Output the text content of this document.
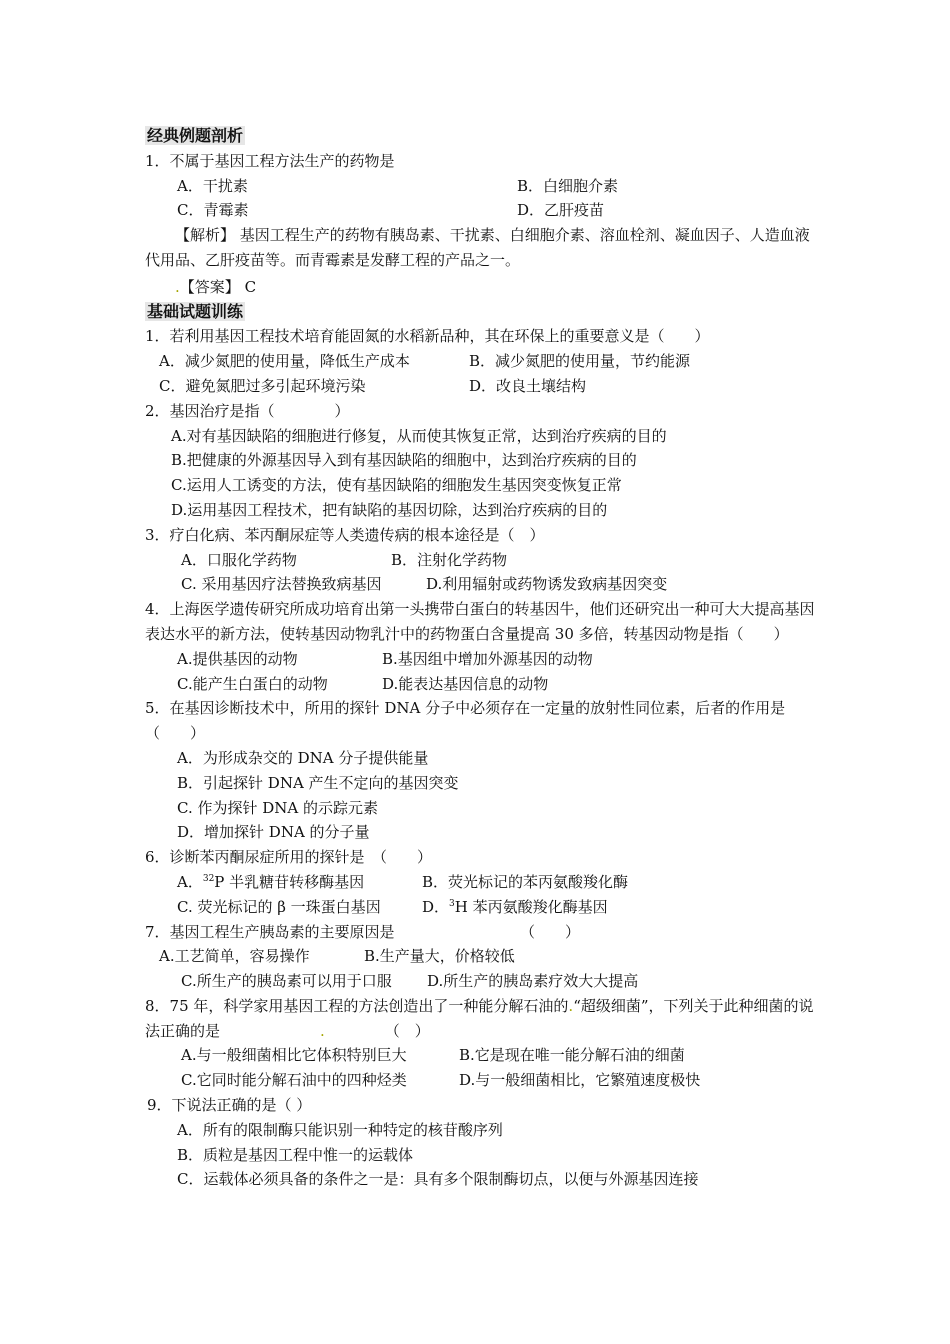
经典例题剖析
1．不属于基因工程方法生产的药物是
A．干扰素	B．白细胞介素
C．青霉素	D．乙肝疫苗
【解析】 基因工程生产的药物有胰岛素、干扰素、白细胞介素、溶血栓剂、凝血因子、人造血液代用品、乙肝疫苗等。而青霉素是发酵工程的产品之一。
.【答案】 C
基础试题训练
1．若利用基因工程技术培育能固氮的水稻新品种，其在环保上的重要意义是（　　）
A．减少氮肥的使用量，降低生产成本	B．减少氮肥的使用量，节约能源
C．避免氮肥过多引起环境污染	D．改良土壤结构
2．基因治疗是指（　　　　）
A.对有基因缺陷的细胞进行修复，从而使其恢复正常，达到治疗疾病的目的
B.把健康的外源基因导入到有基因缺陷的细胞中，达到治疗疾病的目的
C.运用人工诱变的方法，使有基因缺陷的细胞发生基因突变恢复正常
D.运用基因工程技术，把有缺陷的基因切除，达到治疗疾病的目的
3．疗白化病、苯丙酮尿症等人类遗传病的根本途径是（　）
A．口服化学药物	B．注射化学药物
C. 采用基因疗法替换致病基因	D.利用辐射或药物诱发致病基因突变
4．上海医学遗传研究所成功培育出第一头携带白蛋白的转基因牛，他们还研究出一种可大大提高基因表达水平的新方法，使转基因动物乳汁中的药物蛋白含量提高 30 多倍，转基因动物是指（　　）
A.提供基因的动物	B.基因组中增加外源基因的动物
C.能产生白蛋白的动物	D.能表达基因信息的动物
5．在基因诊断技术中，所用的探针 DNA 分子中必须存在一定量的放射性同位素，后者的作用是　（　　）
A．为形成杂交的 DNA 分子提供能量
B．引起探针 DNA 产生不定向的基因突变
C. 作为探针 DNA 的示踪元素
D．增加探针 DNA 的分子量
6．诊断苯丙酮尿症所用的探针是　（　　）
A．$^{32}$P 半乳糖苷转移酶基因	B．荧光标记的苯丙氨酸羧化酶
C. 荧光标记的 β 一珠蛋白基因	D．$^3$H 苯丙氨酸羧化酶基因
7．基因工程生产胰岛素的主要原因是	（　　）
A.工艺简单，容易操作	B.生产量大，价格较低
C.所生产的胰岛素可以用于口服 D.所生产的胰岛素疗效大大提高
8．75 年，科学家用基因工程的方法创造出了一种能分解石油的.“超级细菌”，下列关于此种细菌的说法正确的是	.	（　）
A.与一般细菌相比它体积特别巨大	B.它是现在唯一能分解石油的细菌
C.它同时能分解石油中的四种烃类	D.与一般细菌相比，它繁殖速度极快
9．下说法正确的是（ ）
A．所有的限制酶只能识别一种特定的核苷酸序列
B．质粒是基因工程中惟一的运载体
C．运载体必须具备的条件之一是：具有多个限制酶切点，以便与外源基因连接
